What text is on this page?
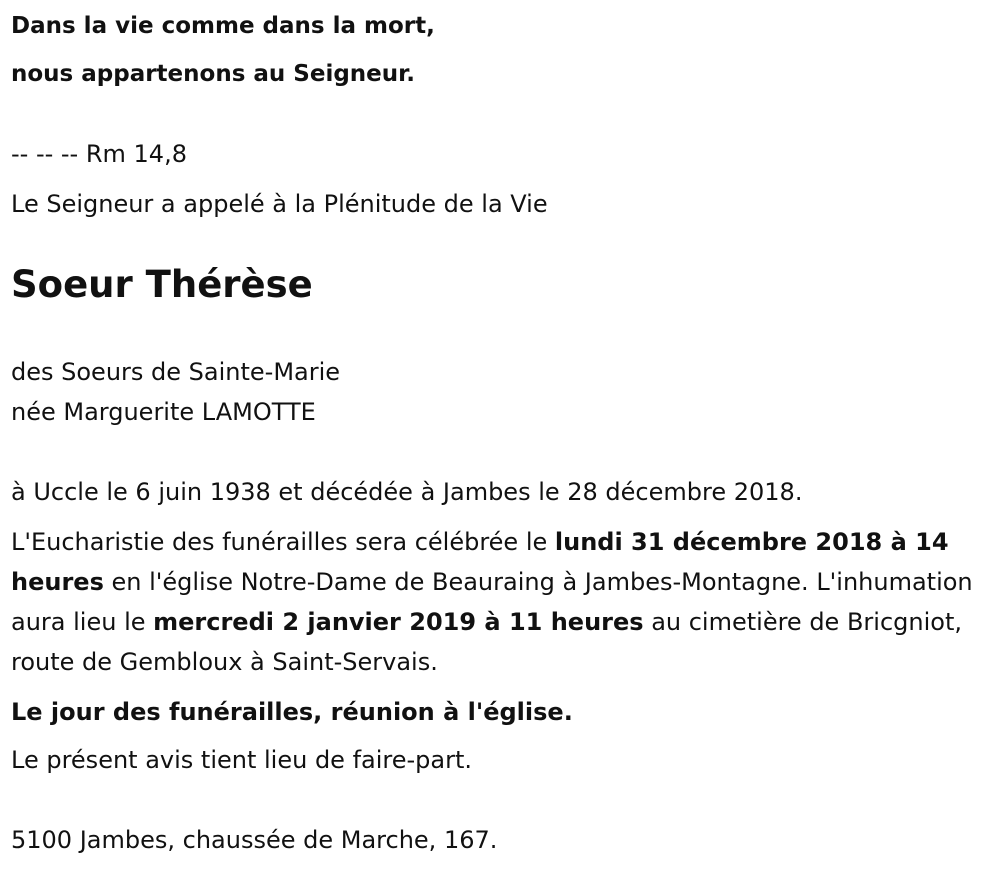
Dans la vie comme dans la mort,
nous appartenons au Seigneur.
-- -- -- Rm 14,8
Le Seigneur a appelé à la Plénitude de la Vie
Soeur Thérèse
des Soeurs de Sainte-Marie
née Marguerite LAMOTTE
à Uccle le 6 juin 1938 et décédée à Jambes le 28 décembre 2018.
L'Eucharistie des funérailles sera célébrée le lundi 31 décembre 2018 à 14 heures en l'église Notre-Dame de Beauraing à Jambes-Montagne. L'inhumation aura lieu le mercredi 2 janvier 2019 à 11 heures au cimetière de Bricgniot, route de Gembloux à Saint-Servais.
Le jour des funérailles, réunion à l'église.
Le présent avis tient lieu de faire-part.
5100 Jambes, chaussée de Marche, 167.
